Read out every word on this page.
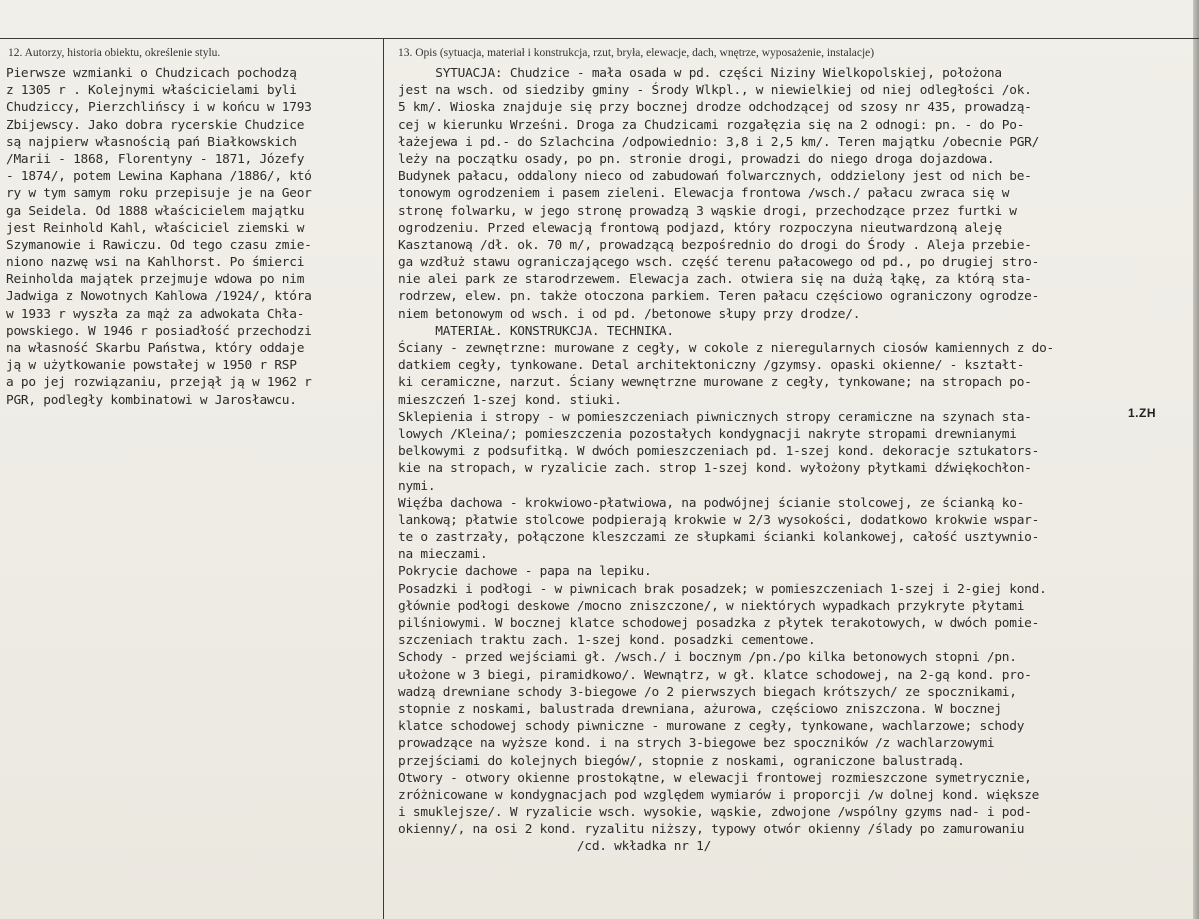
12. Autorzy, historia obiektu, określenie stylu.	13. Opis (sytuacja, materiał i konstrukcja, rzut, bryła, elewacje, dach, wnętrze, wyposażenie, instalacje)
Pierwsze wzmianki o Chudzicach pochodzą
z 1305 r . Kolejnymi właścicielami byli
Chudziccy, Pierzchlińscy i w końcu w 1793
Zbijewscy. Jako dobra rycerskie Chudzice
są najpierw własnością pań Białkowskich
/Marii - 1868, Florentyny - 1871, Józefy
- 1874/, potem Lewina Kaphana /1886/, któ
ry w tym samym roku przepisuje je na Geor
ga Seidela. Od 1888 właścicielem majątku
jest Reinhold Kahl, właściciel ziemski w
Szymanowie i Rawiczu. Od tego czasu zmie-
niono nazwę wsi na Kahlhorst. Po śmierci
Reinholda majątek przejmuje wdowa po nim
Jadwiga z Nowotnych Kahlowa /1924/, która
w 1933 r wyszła za mąż za adwokata Chła-
powskiego. W 1946 r posiadłość przechodzi
na własność Skarbu Państwa, który oddaje
ją w użytkowanie powstałej w 1950 r RSP
a po jej rozwiązaniu, przejął ją w 1962 r
PGR, podległy kombinatowi w Jarosławcu.
SYTUACJA: Chudzice - mała osada w pd. części Niziny Wielkopolskiej, położona
jest na wsch. od siedziby gminy - Środy Wlkpl., w niewielkiej od niej odległości /ok.
5 km/. Wioska znajduje się przy bocznej drodze odchodzącej od szosy nr 435, prowadzą-
cej w kierunku Wrześni. Droga za Chudzicami rozgałęzia się na 2 odnogi: pn. - do Po-
łażejewa i pd.- do Szlachcina /odpowiednio: 3,8 i 2,5 km/. Teren majątku /obecnie PGR/
leży na początku osady, po pn. stronie drogi, prowadzi do niego droga dojazdowa.
Budynek pałacu, oddalony nieco od zabudowań folwarcznych, oddzielony jest od nich be-
tonowym ogrodzeniem i pasem zieleni. Elewacja frontowa /wsch./ pałacu zwraca się w
stronę folwarku, w jego stronę prowadzą 3 wąskie drogi, przechodzące przez furtki w
ogrodzeniu. Przed elewacją frontową podjazd, który rozpoczyna nieutwardzoną aleję
Kasztanową /dł. ok. 70 m/, prowadzącą bezpośrednio do drogi do Środy . Aleja przebie-
ga wzdłuż stawu ograniczającego wsch. część terenu pałacowego od pd., po drugiej stro-
nie alei park ze starodrzewem. Elewacja zach. otwiera się na dużą łąkę, za którą sta-
rodrzew, elew. pn. także otoczona parkiem. Teren pałacu częściowo ograniczony ogrodze-
niem betonowym od wsch. i od pd. /betonowe słupy przy drodze/.
MATERIAŁ. KONSTRUKCJA. TECHNIKA.
Ściany - zewnętrzne: murowane z cegły, w cokole z nieregularnych ciosów kamiennych z do-
datkiem cegły, tynkowane. Detal architektoniczny /gzymsy. opaski okienne/ - kształt-
ki ceramiczne, narzut. Ściany wewnętrzne murowane z cegły, tynkowane; na stropach po-
mieszczeń 1-szej kond. stiuki.
Sklepienia i stropy - w pomieszczeniach piwnicznych stropy ceramiczne na szynach sta-
lowych /Kleina/; pomieszczenia pozostałych kondygnacji nakryte stropami drewnianymi
belkowymi z podsufitką. W dwóch pomieszczeniach pd. 1-szej kond. dekoracje sztukators-
kie na stropach, w ryzalicie zach. strop 1-szej kond. wyłożony płytkami dźwiękochłon-
nymi.
Więźba dachowa - krokwiowo-płatwiowa, na podwójnej ścianie stolcowej, ze ścianką ko-
lankową; płatwie stolcowe podpierają krokwie w 2/3 wysokości, dodatkowo krokwie wspar-
te o zastrzały, połączone kleszczami ze słupkami ścianki kolankowej, całość usztywnio-
na mieczami.
Pokrycie dachowe - papa na lepiku.
Posadzki i podłogi - w piwnicach brak posadzek; w pomieszczeniach 1-szej i 2-giej kond.
głównie podłogi deskowe /mocno zniszczone/, w niektórych wypadkach przykryte płytami
pilśniowymi. W bocznej klatce schodowej posadzka z płytek terakotowych, w dwóch pomie-
szczeniach traktu zach. 1-szej kond. posadzki cementowe.
Schody - przed wejściami gł. /wsch./ i bocznym /pn./po kilka betonowych stopni /pn.
ułożone w 3 biegi, piramidkowo/. Wewnątrz, w gł. klatce schodowej, na 2-gą kond. pro-
wadzą drewniane schody 3-biegowe /o 2 pierwszych biegach krótszych/ ze spocznikami,
stopnie z noskami, balustrada drewniana, ażurowa, częściowo zniszczona. W bocznej
klatce schodowej schody piwniczne - murowane z cegły, tynkowane, wachlarzowe; schody
prowadzące na wyższe kond. i na strych 3-biegowe bez spoczników /z wachlarzowymi
przejściami do kolejnych biegów/, stopnie z noskami, ograniczone balustradą.
Otwory - otwory okienne prostokątne, w elewacji frontowej rozmieszczone symetrycznie,
zróżnicowane w kondygnacjach pod względem wymiarów i proporcji /w dolnej kond. większe
i smuklejsze/. W ryzalicie wsch. wysokie, wąskie, zdwojone /wspólny gzyms nad- i pod-
okienny/, na osi 2 kond. ryzalitu niższy, typowy otwór okienny /ślady po zamurowaniu
/cd. wkładka nr 1/
1.ZH
